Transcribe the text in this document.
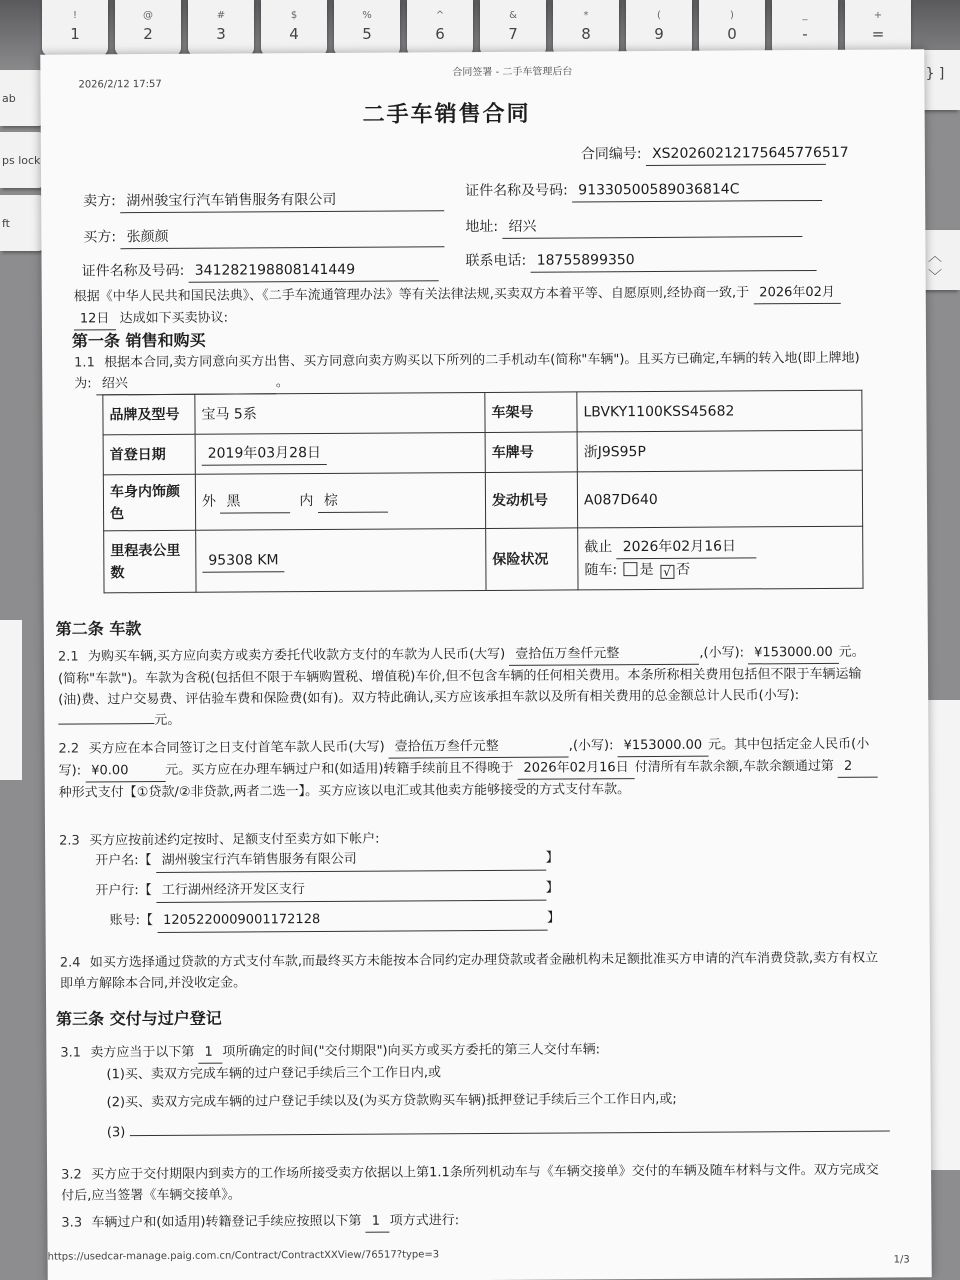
!
1
@
2
#
3
$
4
%
5
^
6
&
7
*
8
(
9
)
0
_
-
+
=
ab
ps lock
ft
} ]
︿
﹀
2026/2/12 17:57
合同签署 - 二手车管理后台
二手车销售合同
合同编号: XS20260212175645776517
卖方: 湖州骏宝行汽车销售服务有限公司
证件名称及号码: 91330500589036814C
买方: 张颜颜
地址: 绍兴
证件名称及号码: 341282198808141449
联系电话: 18755899350
根据《中华人民共和国民法典》、《二手车流通管理办法》等有关法律法规,买卖双方本着平等、自愿原则,经协商一致,于 2026年02月 12日 达成如下买卖协议:
第一条 销售和购买
1.1 根据本合同,卖方同意向买方出售、买方同意向卖方购买以下所列的二手机动车(简称"车辆")。且买方已确定,车辆的转入地(即上牌地)为: 绍兴	。
品牌及型号	宝马 5系	车架号	LBVKY1100KSS45682
首登日期	2019年03月28日	车牌号	浙J9S95P
车身内饰颜色	外 黑 内 棕	发动机号	A087D640
里程表公里数	95308 KM	保险状况	截止 2026年02月16日
随车: 是 √ 否
第二条 车款
2.1 为购买车辆,买方应向卖方或卖方委托代收款方支付的车款为人民币(大写) 壹拾伍万叁仟元整	,(小写): ¥153000.00 元。(简称"车款")。车款为含税(包括但不限于车辆购置税、增值税)车价,但不包含车辆的任何相关费用。本条所称相关费用包括但不限于车辆运输(油)费、过户交易费、评估验车费和保险费(如有)。双方特此确认,买方应该承担车款以及所有相关费用的总金额总计人民币(小写): 元。
2.2 买方应在本合同签订之日支付首笔车款人民币(大写) 壹拾伍万叁仟元整	,(小写): ¥153000.00 元。其中包括定金人民币(小写): ¥0.00	元。买方应在办理车辆过户和(如适用)转籍手续前且不得晚于 2026年02月16日 付清所有车款余额,车款余额通过第 2种形式支付【①贷款/②非贷款,两者二选一】。买方应该以电汇或其他卖方能够接受的方式支付车款。
2.3 买方应按前述约定按时、足额支付至卖方如下帐户:
开户名:【 湖州骏宝行汽车销售服务有限公司	】
开户行:【 工行湖州经济开发区支行	】
账号:【 1205220009001172128	】
2.4 如买方选择通过贷款的方式支付车款,而最终买方未能按本合同约定办理贷款或者金融机构未足额批准买方申请的汽车消费贷款,卖方有权立即单方解除本合同,并没收定金。
第三条 交付与过户登记
3.1 卖方应当于以下第 1 项所确定的时间("交付期限")向买方或买方委托的第三人交付车辆:
(1)买、卖双方完成车辆的过户登记手续后三个工作日内,或
(2)买、卖双方完成车辆的过户登记手续以及(为买方贷款购买车辆)抵押登记手续后三个工作日内,或;
(3)
3.2 买方应于交付期限内到卖方的工作场所接受卖方依据以上第1.1条所列机动车与《车辆交接单》交付的车辆及随车材料与文件。双方完成交付后,应当签署《车辆交接单》。
3.3 车辆过户和(如适用)转籍登记手续应按照以下第 1 项方式进行:
https://usedcar-manage.paig.com.cn/Contract/ContractXXView/76517?type=3	1/3
